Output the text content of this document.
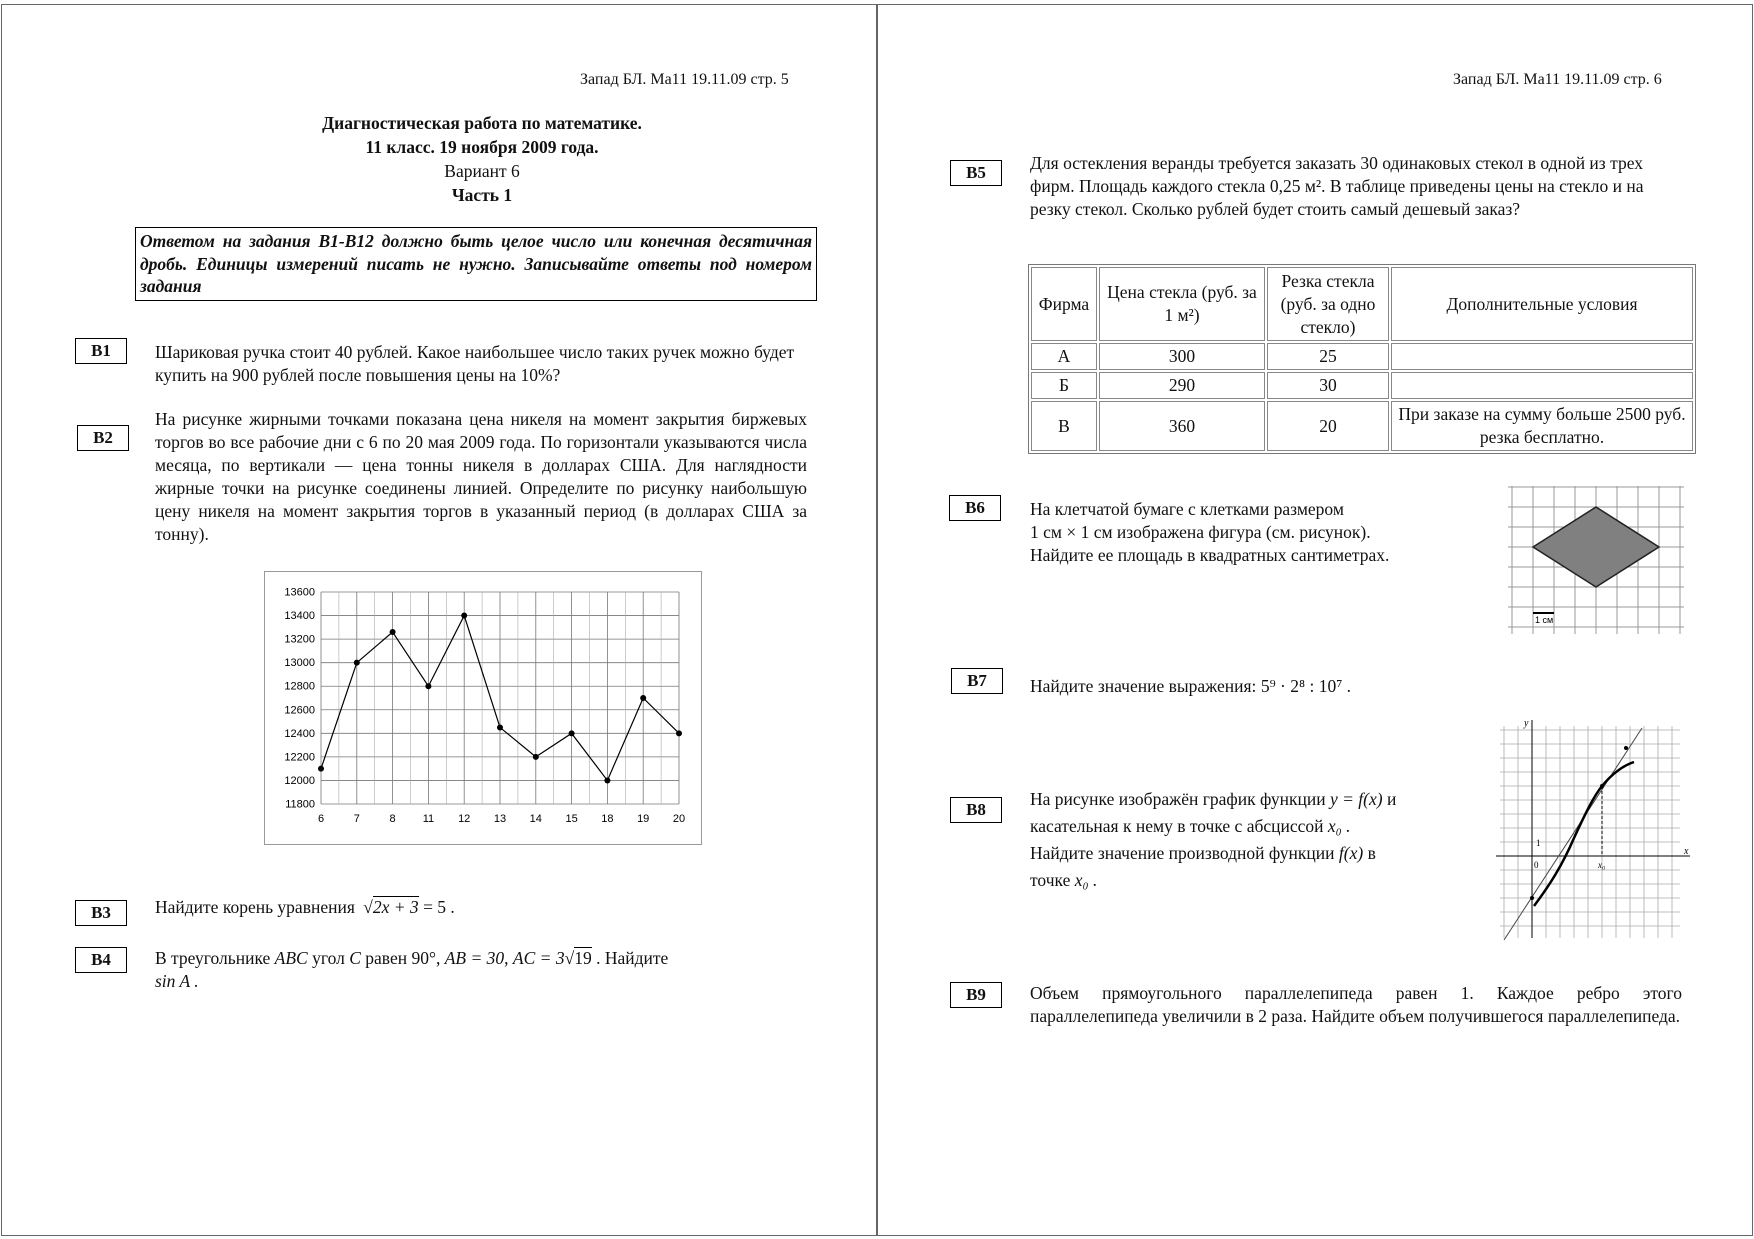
Запад БЛ. Ма11 19.11.09 стр. 5
Диагностическая работа по математике.
11 класс. 19 ноября 2009 года.
Вариант 6
Часть 1
Ответом на задания В1-В12 должно быть целое число или конечная десятичная дробь. Единицы измерений писать не нужно. Записывайте ответы под номером задания
B1	Шариковая ручка стоит 40 рублей. Какое наибольшее число таких ручек можно будет купить на 900 рублей после повышения цены на 10%?
B2
На рисунке жирными точками показана цена никеля на момент закрытия биржевых торгов во все рабочие дни с 6 по 20 мая 2009 года. По горизонтали указываются числа месяца, по вертикали — цена тонны никеля в долларах США. Для наглядности жирные точки на рисунке соединены линией. Определите по рисунку наибольшую цену никеля на момент закрытия торгов в указанный период (в долларах США за тонну).
11800
12000
12200
12400
12600
12800
13000
13200
13400
13600
6	7	8 11 12 13 14 15 18 19 20
B3	Найдите корень уравнения √2x + 3 = 5 .
B4	В треугольнике ABC угол C равен 90°, AB = 30, AC = 3√19 . Найдите
sin A .
Запад БЛ. Ма11 19.11.09 стр. 6
B5	Для остекления веранды требуется заказать 30 одинаковых стекол в одной из трех фирм. Площадь каждого стекла 0,25 м². В таблице приведены цены на стекло и на резку стекол. Сколько рублей будет стоить самый дешевый заказ?
Фирма	Цена стекла (руб. за 1 м²)	Резка стекла (руб. за одно стекло)	Дополнительные условия
А	300	25	
Б	290	30	
В	360	20	При заказе на сумму больше 2500 руб. резка бесплатно.
B6	На клетчатой бумаге с клетками размером
1 см × 1 см изображена фигура (см. рисунок).
Найдите ее площадь в квадратных сантиметрах.
1 см
B7	Найдите значение выражения: 5⁹ · 2⁸ : 10⁷ .
B8
На рисунке изображён график функции y = f(x) и
касательная к нему в точке с абсциссой x₀ .
Найдите значение производной функции f(x) в
точке x₀ .
y
x
1
0	x₀
B9	Объем прямоугольного параллелепипеда равен 1. Каждое ребро этого параллелепипеда увеличили в 2 раза. Найдите объем получившегося параллелепипеда.
